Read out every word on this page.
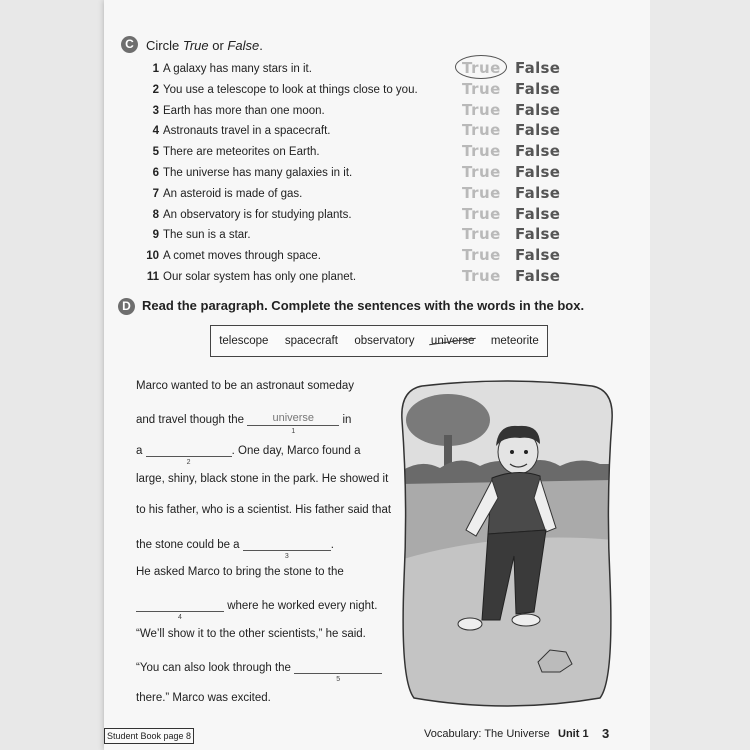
C Circle True or False.
1 A galaxy has many stars in it.	True False
2 You use a telescope to look at things close to you.	True False
3 Earth has more than one moon.	True False
4 Astronauts travel in a spacecraft.	True False
5 There are meteorites on Earth.	True False
6 The universe has many galaxies in it.	True False
7 An asteroid is made of gas.	True False
8 An observatory is for studying plants.	True False
9 The sun is a star.	True False
10 A comet moves through space.	True False
11 Our solar system has only one planet.	True False
D Read the paragraph. Complete the sentences with the words in the box.
telescope spacecraft observatory universe meteorite
Marco wanted to be an astronaut someday
and travel though the	universe
1
in
a
2
. One day, Marco found a
large, shiny, black stone in the park. He showed it
to his father, who is a scientist. His father said that
the stone could be a
3
.
He asked Marco to bring the stone to the
4
where he worked every night.
“We’ll show it to the other scientists,” he said.
“You can also look through the
5
there.” Marco was excited.
Student Book page 8	Vocabulary: The Universe Unit 1 3
